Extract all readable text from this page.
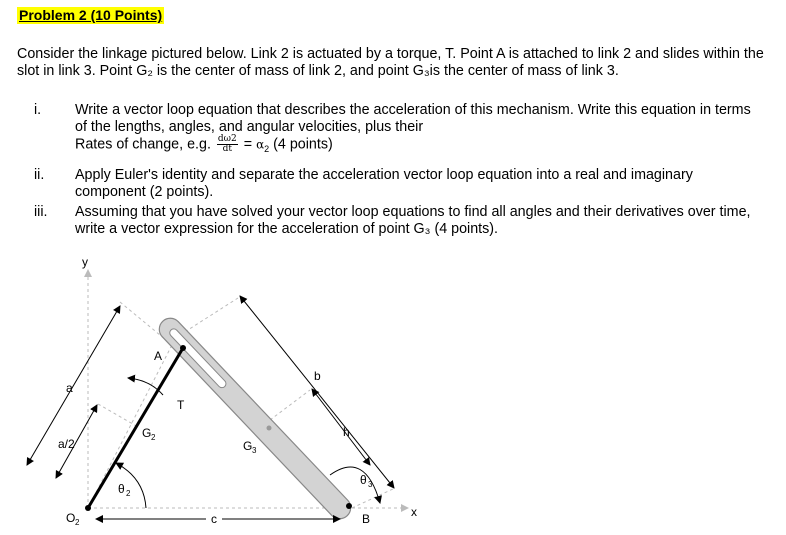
Problem 2 (10 Points)
Consider the linkage pictured below. Link 2 is actuated by a torque, T. Point A is attached to link 2 and slides within the slot in link 3. Point G₂ is the center of mass of link 2, and point G₃is the center of mass of link 3.
i.	Write a vector loop equation that describes the acceleration of this mechanism. Write this equation in terms of the lengths, angles, and angular velocities, plus their
Rates of change, e.g. $\frac{d\omega 2}{dt} = \alpha_2$ (4 points)
ii.	Apply Euler's identity and separate the acceleration vector loop equation into a real and imaginary component (2 points).
iii.	Assuming that you have solved your vector loop equations to find all angles and their derivatives over time, write a vector expression for the acceleration of point G₃ (4 points).
y
x
O 2
A
B
G 2
G 3
T
θ 2
θ 3
a
a/2
b
h
c
